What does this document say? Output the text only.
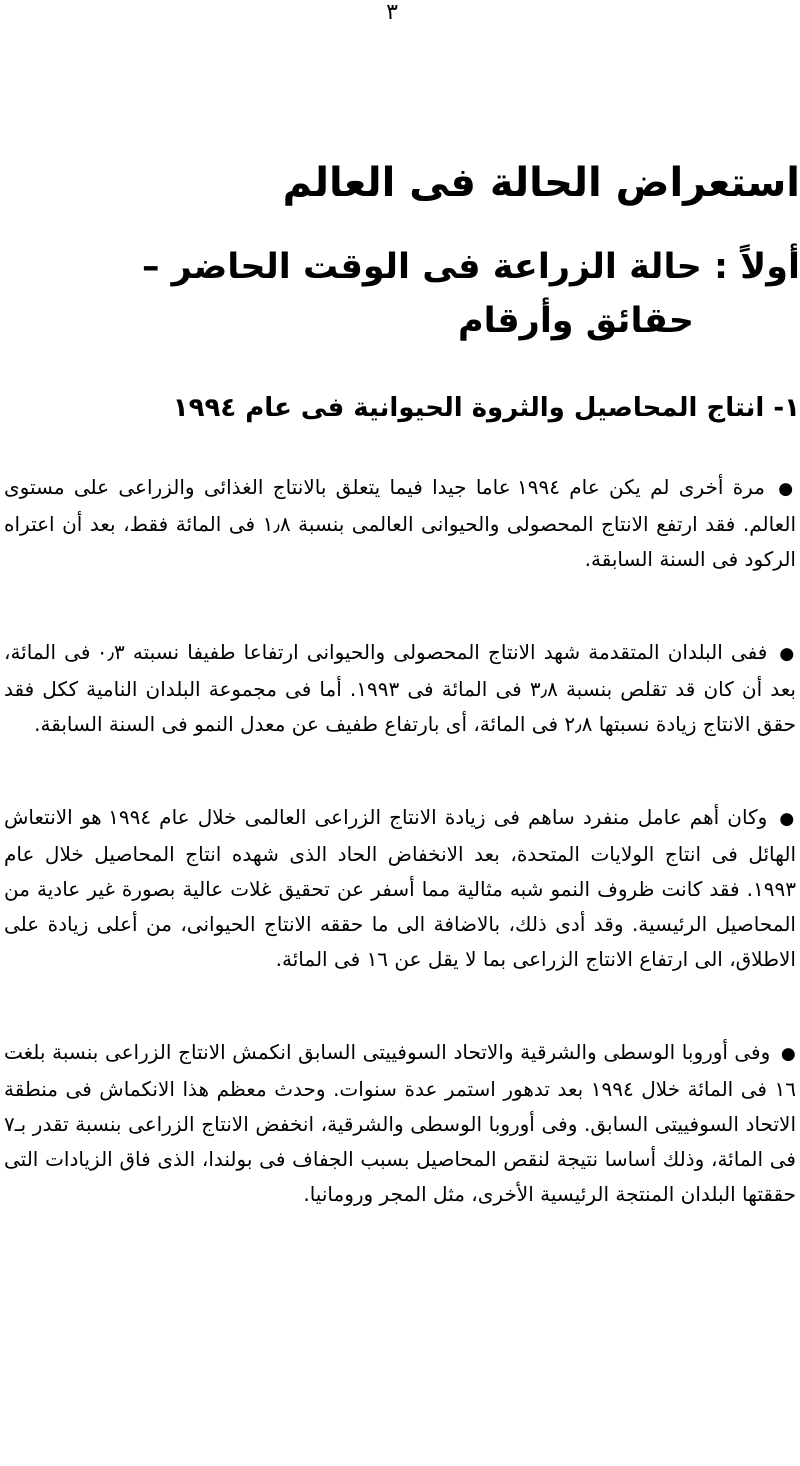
٣
استعراض الحالة فى العالم
أولاً : حالة الزراعة فى الوقت الحاضر –
حقائق وأرقام
١- انتاج المحاصيل والثروة الحيوانية فى عام ١٩٩٤

● مرة أخرى لم يكن عام ١٩٩٤ عاما جيدا فيما يتعلق بالانتاج الغذائى والزراعى على مستوى العالم. فقد ارتفع الانتاج المحصولى والحيوانى العالمى بنسبة ١٫٨ فى المائة فقط، بعد أن اعتراه الركود فى السنة السابقة.

● ففى البلدان المتقدمة شهد الانتاج المحصولى والحيوانى ارتفاعا طفيفا نسبته ٠٫٣ فى المائة، بعد أن كان قد تقلص بنسبة ٣٫٨ فى المائة فى ١٩٩٣. أما فى مجموعة البلدان النامية ككل فقد حقق الانتاج زيادة نسبتها ٢٫٨ فى المائة، أى بارتفاع طفيف عن معدل النمو فى السنة السابقة.

● وكان أهم عامل منفرد ساهم فى زيادة الانتاج الزراعى العالمى خلال عام ١٩٩٤ هو الانتعاش الهائل فى انتاج الولايات المتحدة، بعد الانخفاض الحاد الذى شهده انتاج المحاصيل خلال عام ١٩٩٣. فقد كانت ظروف النمو شبه مثالية مما أسفر عن تحقيق غلات عالية بصورة غير عادية من المحاصيل الرئيسية. وقد أدى ذلك، بالاضافة الى ما حققه الانتاج الحيوانى، من أعلى زيادة على الاطلاق، الى ارتفاع الانتاج الزراعى بما لا يقل عن ١٦ فى المائة.

● وفى أوروبا الوسطى والشرقية والاتحاد السوفييتى السابق انكمش الانتاج الزراعى بنسبة بلغت ١٦ فى المائة خلال ١٩٩٤ بعد تدهور استمر عدة سنوات. وحدث معظم هذا الانكماش فى منطقة الاتحاد السوفييتى السابق. وفى أوروبا الوسطى والشرقية، انخفض الانتاج الزراعى بنسبة تقدر بـ٧ فى المائة، وذلك أساسا نتيجة لنقص المحاصيل بسبب الجفاف فى بولندا، الذى فاق الزيادات التى حققتها البلدان المنتجة الرئيسية الأخرى، مثل المجر ورومانيا.
